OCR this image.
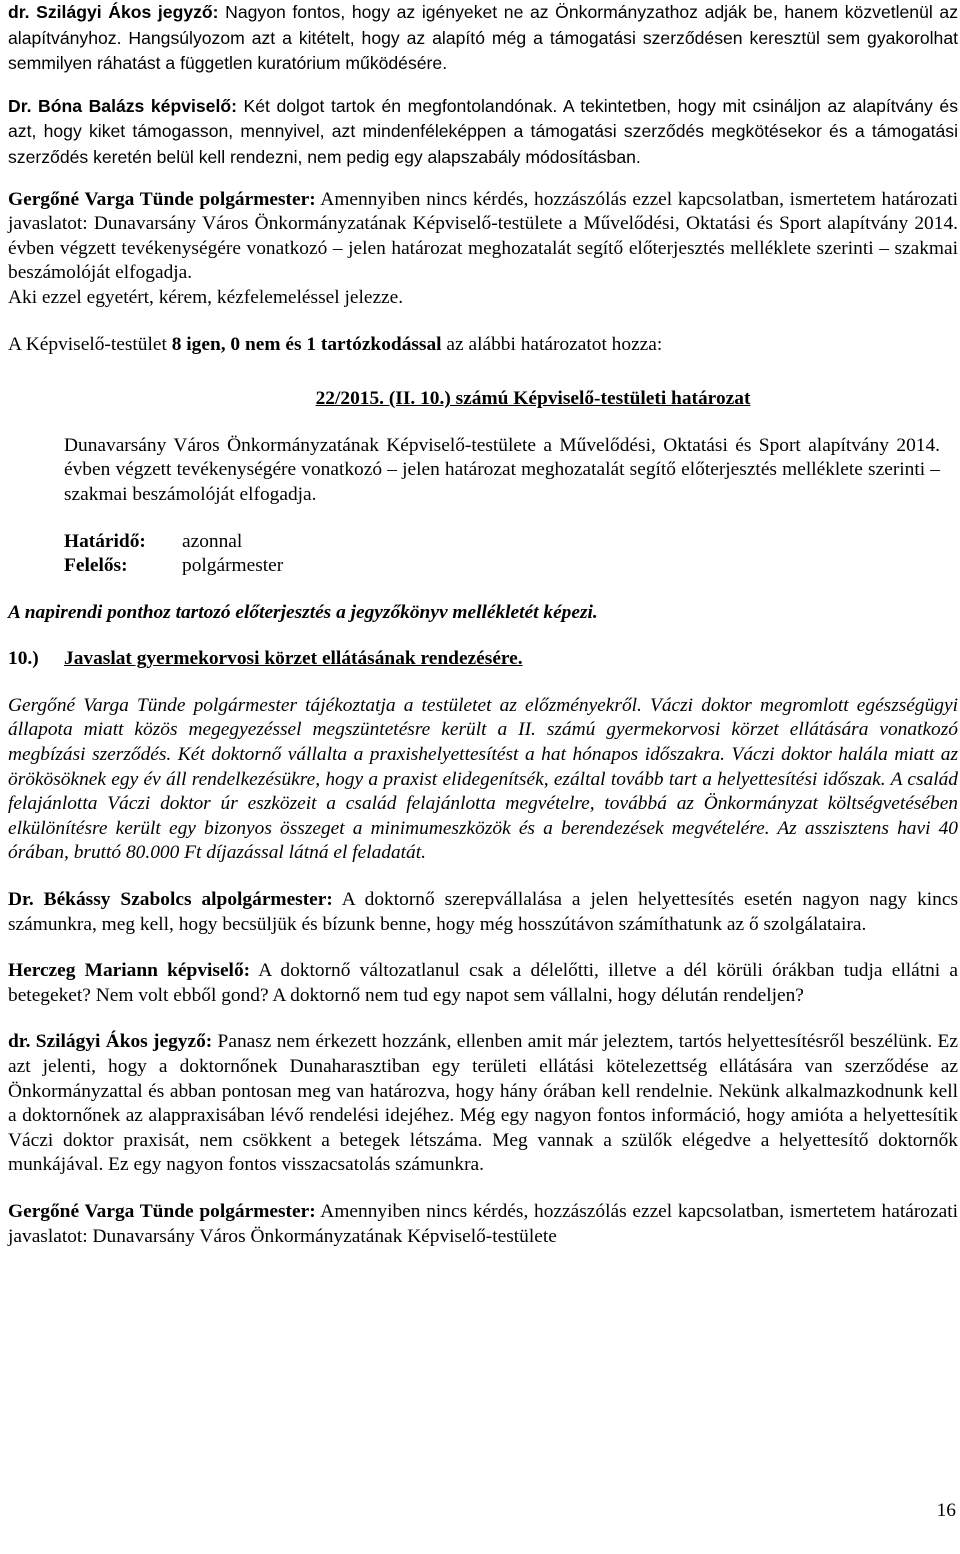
dr. Szilágyi Ákos jegyző: Nagyon fontos, hogy az igényeket ne az Önkormányzathoz adják be, hanem közvetlenül az alapítványhoz. Hangsúlyozom azt a kitételt, hogy az alapító még a támogatási szerződésen keresztül sem gyakorolhat semmilyen ráhatást a független kuratórium működésére.

Dr. Bóna Balázs képviselő: Két dolgot tartok én megfontolandónak. A tekintetben, hogy mit csináljon az alapítvány és azt, hogy kiket támogasson, mennyivel, azt mindenféleképpen a támogatási szerződés megkötésekor és a támogatási szerződés keretén belül kell rendezni, nem pedig egy alapszabály módosításban.

Gergőné Varga Tünde polgármester: Amennyiben nincs kérdés, hozzászólás ezzel kapcsolatban, ismertetem határozati javaslatot: Dunavarsány Város Önkormányzatának Képviselő-testülete a Művelődési, Oktatási és Sport alapítvány 2014. évben végzett tevékenységére vonatkozó – jelen határozat meghozatalát segítő előterjesztés melléklete szerinti – szakmai beszámolóját elfogadja.

Aki ezzel egyetért, kérem, kézfelemeléssel jelezze.

A Képviselő-testület 8 igen, 0 nem és 1 tartózkodással az alábbi határozatot hozza:

22/2015. (II. 10.) számú Képviselő-testületi határozat

Dunavarsány Város Önkormányzatának Képviselő-testülete a Művelődési, Oktatási és Sport alapítvány 2014. évben végzett tevékenységére vonatkozó – jelen határozat meghozatalát segítő előterjesztés melléklete szerinti – szakmai beszámolóját elfogadja.

Határidő:	azonnal
Felelős:	polgármester

A napirendi ponthoz tartozó előterjesztés a jegyzőkönyv mellékletét képezi.

10.)	Javaslat gyermekorvosi körzet ellátásának rendezésére.

Gergőné Varga Tünde polgármester tájékoztatja a testületet az előzményekről. Váczi doktor megromlott egészségügyi állapota miatt közös megegyezéssel megszüntetésre került a II. számú gyermekorvosi körzet ellátására vonatkozó megbízási szerződés. Két doktornő vállalta a praxishelyettesítést a hat hónapos időszakra. Váczi doktor halála miatt az örökösöknek egy év áll rendelkezésükre, hogy a praxist elidegenítsék, ezáltal tovább tart a helyettesítési időszak. A család felajánlotta Váczi doktor úr eszközeit a család felajánlotta megvételre, továbbá az Önkormányzat költségvetésében elkülönítésre került egy bizonyos összeget a minimumeszközök és a berendezések megvételére. Az asszisztens havi 40 órában, bruttó 80.000 Ft díjazással látná el feladatát.

Dr. Békássy Szabolcs alpolgármester: A doktornő szerepvállalása a jelen helyettesítés esetén nagyon nagy kincs számunkra, meg kell, hogy becsüljük és bízunk benne, hogy még hosszútávon számíthatunk az ő szolgálataira.

Herczeg Mariann képviselő: A doktornő változatlanul csak a délelőtti, illetve a dél körüli órákban tudja ellátni a betegeket? Nem volt ebből gond? A doktornő nem tud egy napot sem vállalni, hogy délután rendeljen?

dr. Szilágyi Ákos jegyző: Panasz nem érkezett hozzánk, ellenben amit már jeleztem, tartós helyettesítésről beszélünk. Ez azt jelenti, hogy a doktornőnek Dunaharasztiban egy területi ellátási kötelezettség ellátására van szerződése az Önkormányzattal és abban pontosan meg van határozva, hogy hány órában kell rendelnie. Nekünk alkalmazkodnunk kell a doktornőnek az alappraxisában lévő rendelési idejéhez. Még egy nagyon fontos információ, hogy amióta a helyettesítik Váczi doktor praxisát, nem csökkent a betegek létszáma. Meg vannak a szülők elégedve a helyettesítő doktornők munkájával. Ez egy nagyon fontos visszacsatolás számunkra.

Gergőné Varga Tünde polgármester: Amennyiben nincs kérdés, hozzászólás ezzel kapcsolatban, ismertetem határozati javaslatot: Dunavarsány Város Önkormányzatának Képviselő-testülete

16
